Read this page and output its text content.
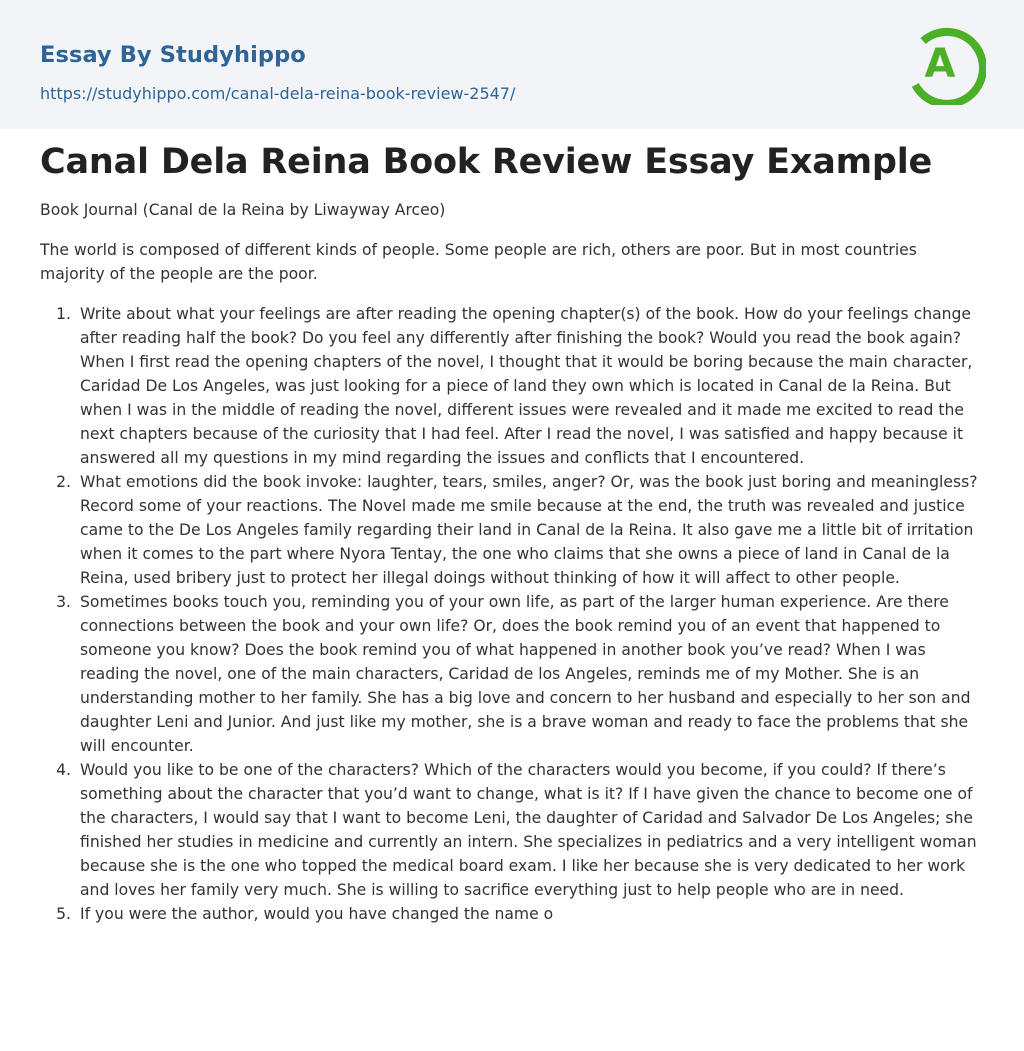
Essay By Studyhippo
https://studyhippo.com/canal-dela-reina-book-review-2547/
A
Canal Dela Reina Book Review Essay Example

Book Journal (Canal de la Reina by Liwayway Arceo)

The world is composed of different kinds of people. Some people are rich, others are poor. But in most countries majority of the people are the poor.

1. Write about what your feelings are after reading the opening chapter(s) of the book. How do your feelings change after reading half the book? Do you feel any differently after finishing the book? Would you read the book again? When I first read the opening chapters of the novel, I thought that it would be boring because the main character, Caridad De Los Angeles, was just looking for a piece of land they own which is located in Canal de la Reina. But when I was in the middle of reading the novel, different issues were revealed and it made me excited to read the next chapters because of the curiosity that I had feel. After I read the novel, I was satisfied and happy because it answered all my questions in my mind regarding the issues and conflicts that I encountered.
2. What emotions did the book invoke: laughter, tears, smiles, anger? Or, was the book just boring and meaningless? Record some of your reactions. The Novel made me smile because at the end, the truth was revealed and justice came to the De Los Angeles family regarding their land in Canal de la Reina. It also gave me a little bit of irritation when it comes to the part where Nyora Tentay, the one who claims that she owns a piece of land in Canal de la Reina, used bribery just to protect her illegal doings without thinking of how it will affect to other people.
3. Sometimes books touch you, reminding you of your own life, as part of the larger human experience. Are there connections between the book and your own life? Or, does the book remind you of an event that happened to someone you know? Does the book remind you of what happened in another book you’ve read? When I was reading the novel, one of the main characters, Caridad de los Angeles, reminds me of my Mother. She is an understanding mother to her family. She has a big love and concern to her husband and especially to her son and daughter Leni and Junior. And just like my mother, she is a brave woman and ready to face the problems that she will encounter.
4. Would you like to be one of the characters? Which of the characters would you become, if you could? If there’s something about the character that you’d want to change, what is it? If I have given the chance to become one of the characters, I would say that I want to become Leni, the daughter of Caridad and Salvador De Los Angeles; she finished her studies in medicine and currently an intern. She specializes in pediatrics and a very intelligent woman because she is the one who topped the medical board exam. I like her because she is very dedicated to her work and loves her family very much. She is willing to sacrifice everything just to help people who are in need.
5. If you were the author, would you have changed the name o
